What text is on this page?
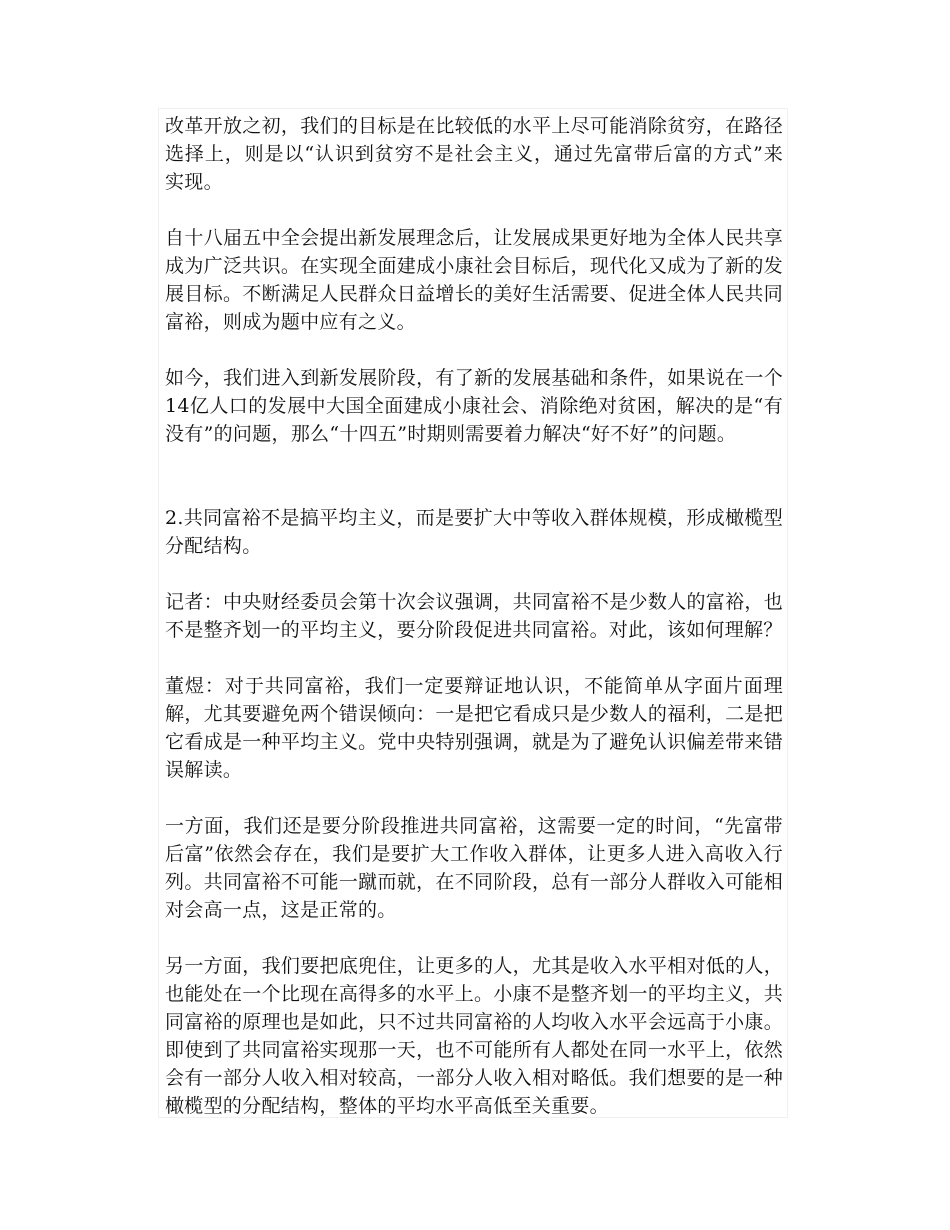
改革开放之初，我们的目标是在比较低的水平上尽可能消除贫穷，在路径选择上，则是以“认识到贫穷不是社会主义，通过先富带后富的方式”来实现。

自十八届五中全会提出新发展理念后，让发展成果更好地为全体人民共享成为广泛共识。在实现全面建成小康社会目标后，现代化又成为了新的发展目标。不断满足人民群众日益增长的美好生活需要、促进全体人民共同富裕，则成为题中应有之义。

如今，我们进入到新发展阶段，有了新的发展基础和条件，如果说在一个14亿人口的发展中大国全面建成小康社会、消除绝对贫困，解决的是“有没有”的问题，那么“十四五”时期则需要着力解决“好不好”的问题。

2.共同富裕不是搞平均主义，而是要扩大中等收入群体规模，形成橄榄型分配结构。

记者：中央财经委员会第十次会议强调，共同富裕不是少数人的富裕，也不是整齐划一的平均主义，要分阶段促进共同富裕。对此，该如何理解？

董煜：对于共同富裕，我们一定要辩证地认识，不能简单从字面片面理解，尤其要避免两个错误倾向：一是把它看成只是少数人的福利，二是把它看成是一种平均主义。党中央特别强调，就是为了避免认识偏差带来错误解读。

一方面，我们还是要分阶段推进共同富裕，这需要一定的时间，“先富带后富”依然会存在，我们是要扩大工作收入群体，让更多人进入高收入行列。共同富裕不可能一蹴而就，在不同阶段，总有一部分人群收入可能相对会高一点，这是正常的。

另一方面，我们要把底兜住，让更多的人，尤其是收入水平相对低的人，也能处在一个比现在高得多的水平上。小康不是整齐划一的平均主义，共同富裕的原理也是如此，只不过共同富裕的人均收入水平会远高于小康。即使到了共同富裕实现那一天，也不可能所有人都处在同一水平上，依然会有一部分人收入相对较高，一部分人收入相对略低。我们想要的是一种橄榄型的分配结构，整体的平均水平高低至关重要。
